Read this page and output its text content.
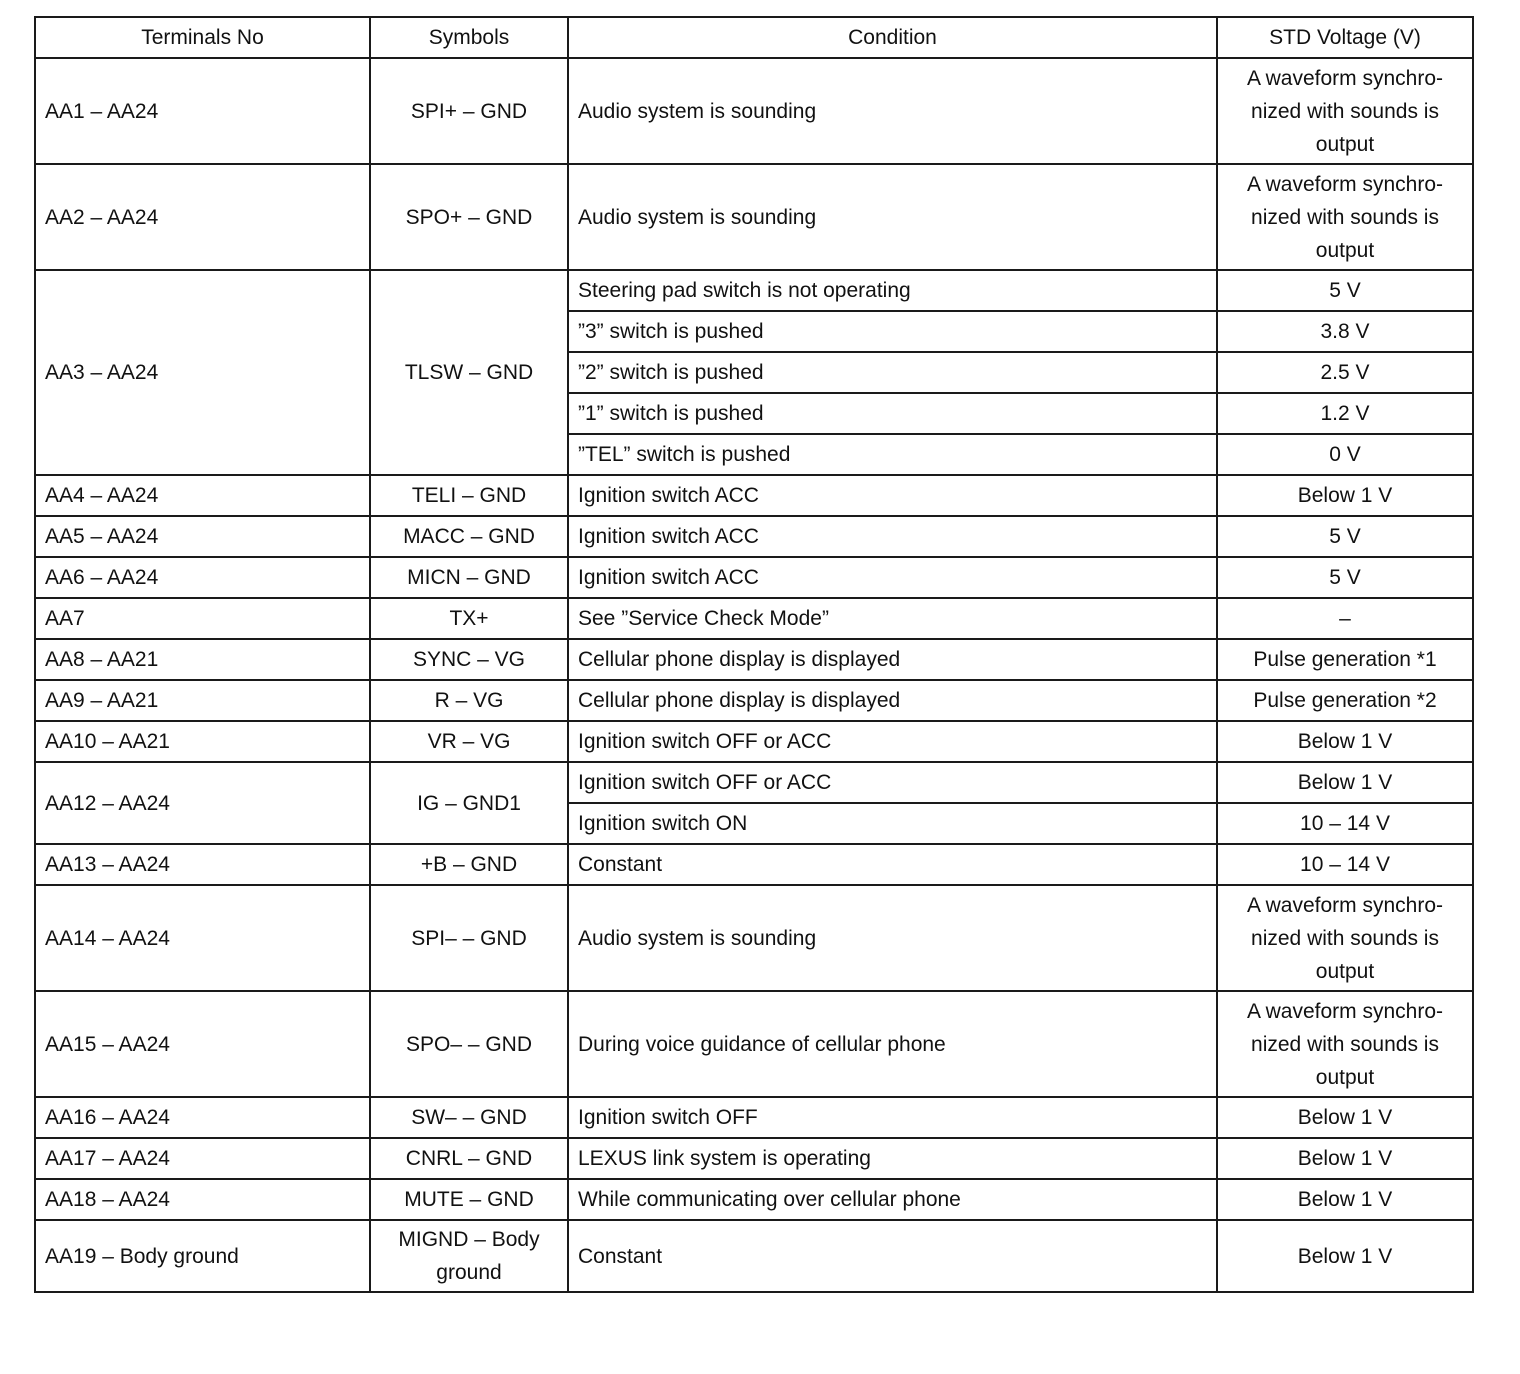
Terminals No	Symbols	Condition	STD Voltage (V)
AA1 – AA24	SPI+ – GND	Audio system is sounding	A waveform synchro-nized with sounds is output
AA2 – AA24	SPO+ – GND	Audio system is sounding	A waveform synchro-nized with sounds is output
AA3 – AA24	TLSW – GND	Steering pad switch is not operating	5 V
		”3” switch is pushed	3.8 V
		”2” switch is pushed	2.5 V
		”1” switch is pushed	1.2 V
		”TEL” switch is pushed	0 V
AA4 – AA24	TELI – GND	Ignition switch ACC	Below 1 V
AA5 – AA24	MACC – GND	Ignition switch ACC	5 V
AA6 – AA24	MICN – GND	Ignition switch ACC	5 V
AA7	TX+	See ”Service Check Mode”	–
AA8 – AA21	SYNC – VG	Cellular phone display is displayed	Pulse generation *1
AA9 – AA21	R – VG	Cellular phone display is displayed	Pulse generation *2
AA10 – AA21	VR – VG	Ignition switch OFF or ACC	Below 1 V
AA12 – AA24	IG – GND1	Ignition switch OFF or ACC	Below 1 V
		Ignition switch ON	10 – 14 V
AA13 – AA24	+B – GND	Constant	10 – 14 V
AA14 – AA24	SPI– – GND	Audio system is sounding	A waveform synchro-nized with sounds is output
AA15 – AA24	SPO– – GND	During voice guidance of cellular phone	A waveform synchro-nized with sounds is output
AA16 – AA24	SW– – GND	Ignition switch OFF	Below 1 V
AA17 – AA24	CNRL – GND	LEXUS link system is operating	Below 1 V
AA18 – AA24	MUTE – GND	While communicating over cellular phone	Below 1 V
AA19 – Body ground	MIGND – Body ground	Constant	Below 1 V
